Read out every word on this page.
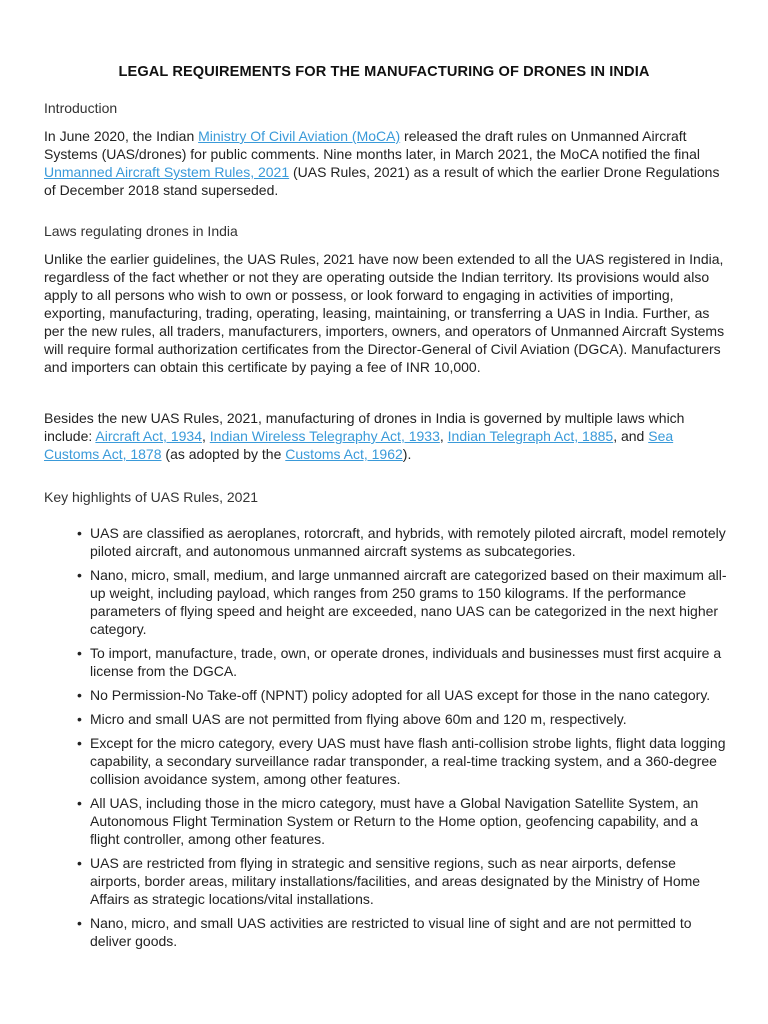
LEGAL REQUIREMENTS FOR THE MANUFACTURING OF DRONES IN INDIA
Introduction

In June 2020, the Indian Ministry Of Civil Aviation (MoCA) released the draft rules on Unmanned Aircraft Systems (UAS/drones) for public comments. Nine months later, in March 2021, the MoCA notified the final Unmanned Aircraft System Rules, 2021 (UAS Rules, 2021) as a result of which the earlier Drone Regulations of December 2018 stand superseded.

Laws regulating drones in India

Unlike the earlier guidelines, the UAS Rules, 2021 have now been extended to all the UAS registered in India, regardless of the fact whether or not they are operating outside the Indian territory. Its provisions would also apply to all persons who wish to own or possess, or look forward to engaging in activities of importing, exporting, manufacturing, trading, operating, leasing, maintaining, or transferring a UAS in India. Further, as per the new rules, all traders, manufacturers, importers, owners, and operators of Unmanned Aircraft Systems will require formal authorization certificates from the Director-General of Civil Aviation (DGCA). Manufacturers and importers can obtain this certificate by paying a fee of INR 10,000.

Besides the new UAS Rules, 2021, manufacturing of drones in India is governed by multiple laws which include: Aircraft Act, 1934, Indian Wireless Telegraphy Act, 1933, Indian Telegraph Act, 1885, and Sea Customs Act, 1878 (as adopted by the Customs Act, 1962).

Key highlights of UAS Rules, 2021
• UAS are classified as aeroplanes, rotorcraft, and hybrids, with remotely piloted aircraft, model remotely piloted aircraft, and autonomous unmanned aircraft systems as subcategories.
• Nano, micro, small, medium, and large unmanned aircraft are categorized based on their maximum all-up weight, including payload, which ranges from 250 grams to 150 kilograms. If the performance parameters of flying speed and height are exceeded, nano UAS can be categorized in the next higher category.
• To import, manufacture, trade, own, or operate drones, individuals and businesses must first acquire a license from the DGCA.
• No Permission-No Take-off (NPNT) policy adopted for all UAS except for those in the nano category.
• Micro and small UAS are not permitted from flying above 60m and 120 m, respectively.
• Except for the micro category, every UAS must have flash anti-collision strobe lights, flight data logging capability, a secondary surveillance radar transponder, a real-time tracking system, and a 360-degree collision avoidance system, among other features.
• All UAS, including those in the micro category, must have a Global Navigation Satellite System, an Autonomous Flight Termination System or Return to the Home option, geofencing capability, and a flight controller, among other features.
• UAS are restricted from flying in strategic and sensitive regions, such as near airports, defense airports, border areas, military installations/facilities, and areas designated by the Ministry of Home Affairs as strategic locations/vital installations.
• Nano, micro, and small UAS activities are restricted to visual line of sight and are not permitted to deliver goods.
